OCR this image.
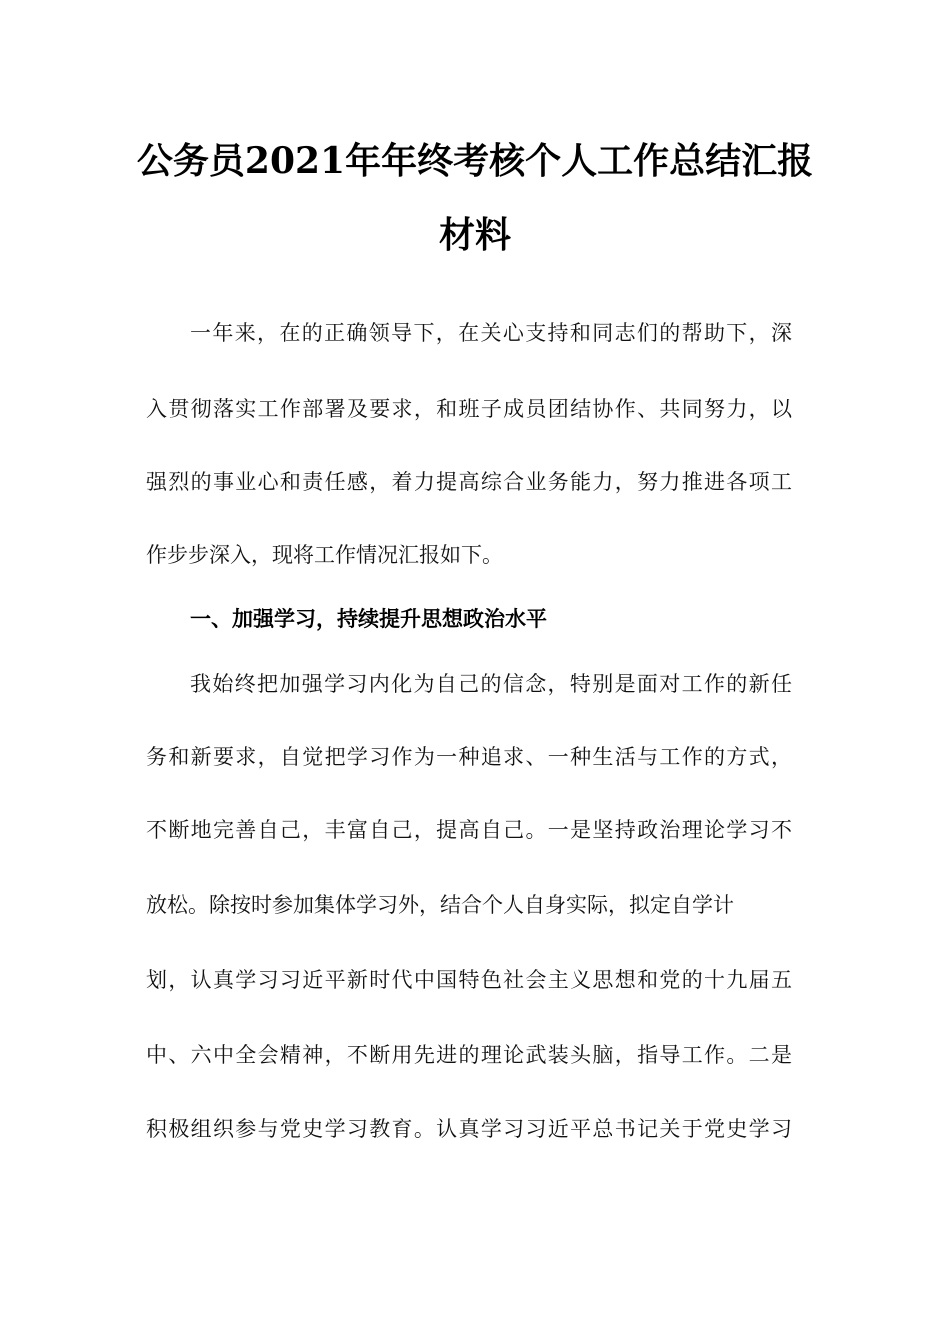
公务员2021年年终考核个人工作总结汇报
材料
一年来，在的正确领导下，在关心支持和同志们的帮助下，深
入贯彻落实工作部署及要求，和班子成员团结协作、共同努力，以
强烈的事业心和责任感，着力提高综合业务能力，努力推进各项工
作步步深入，现将工作情况汇报如下。
一、加强学习，持续提升思想政治水平
我始终把加强学习内化为自己的信念，特别是面对工作的新任
务和新要求，自觉把学习作为一种追求、一种生活与工作的方式，
不断地完善自己，丰富自己，提高自己。一是坚持政治理论学习不
放松。除按时参加集体学习外，结合个人自身实际，拟定自学计
划，认真学习习近平新时代中国特色社会主义思想和党的十九届五
中、六中全会精神，不断用先进的理论武装头脑，指导工作。二是
积极组织参与党史学习教育。认真学习习近平总书记关于党史学习
